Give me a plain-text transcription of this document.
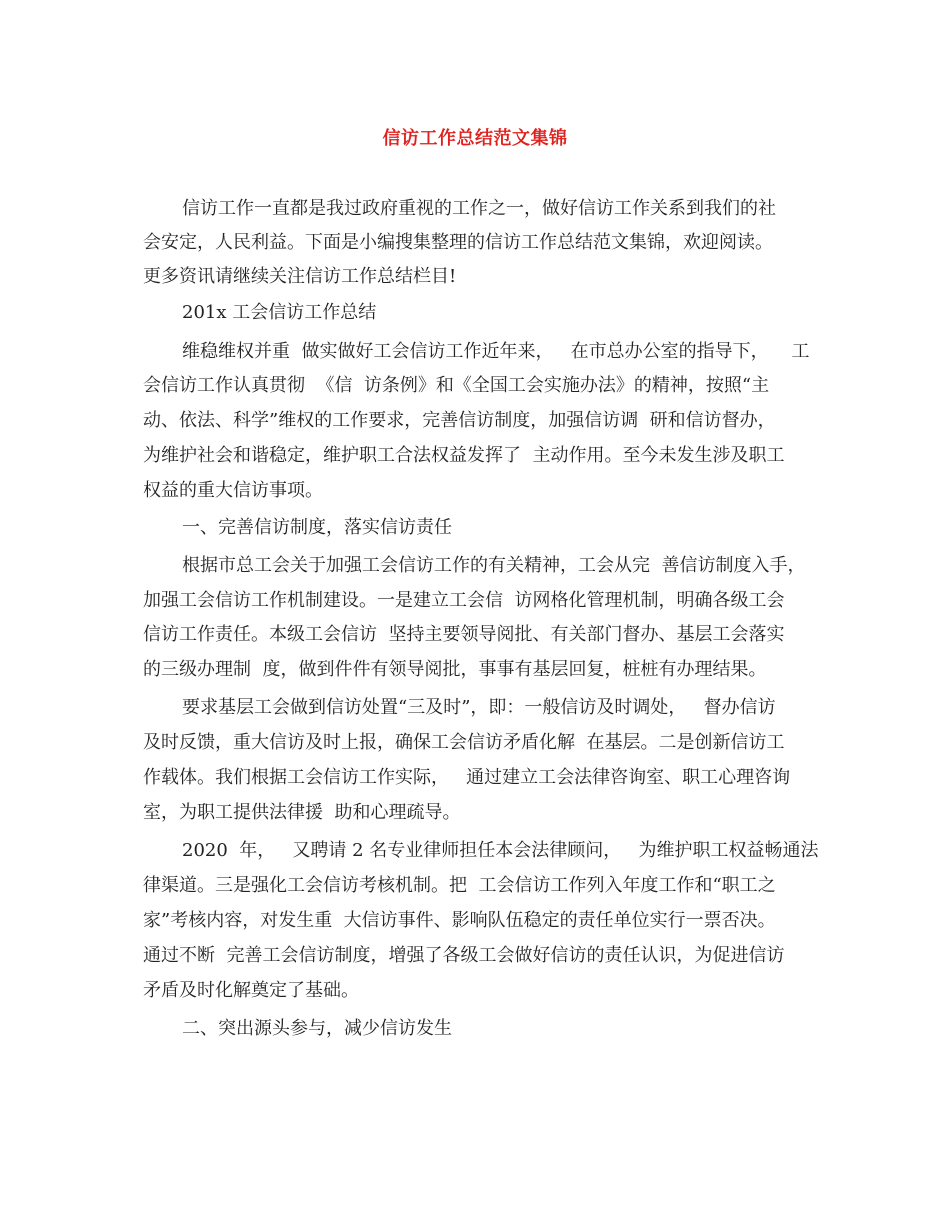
信访工作总结范文集锦
信访工作一直都是我过政府重视的工作之一，做好信访工作关系到我们的社
会安定，人民利益。下面是小编搜集整理的信访工作总结范文集锦，欢迎阅读。
更多资讯请继续关注信访工作总结栏目!
201x 工会信访工作总结
维稳维权并重  做实做好工会信访工作近年来，   在市总办公室的指导下，    工
会信访工作认真贯彻  《信  访条例》和《全国工会实施办法》的精神，按照“主
动、依法、科学”维权的工作要求，完善信访制度，加强信访调  研和信访督办，
为维护社会和谐稳定，维护职工合法权益发挥了  主动作用。至今未发生涉及职工
权益的重大信访事项。
一、完善信访制度，落实信访责任
根据市总工会关于加强工会信访工作的有关精神，工会从完  善信访制度入手，
加强工会信访工作机制建设。一是建立工会信  访网格化管理机制，明确各级工会
信访工作责任。本级工会信访  坚持主要领导阅批、有关部门督办、基层工会落实
的三级办理制  度，做到件件有领导阅批，事事有基层回复，桩桩有办理结果。
要求基层工会做到信访处置“三及时”，即：一般信访及时调处，   督办信访
及时反馈，重大信访及时上报，确保工会信访矛盾化解  在基层。二是创新信访工
作载体。我们根据工会信访工作实际，   通过建立工会法律咨询室、职工心理咨询
室，为职工提供法律援  助和心理疏导。
2020  年，   又聘请 2 名专业律师担任本会法律顾问，   为维护职工权益畅通法
律渠道。三是强化工会信访考核机制。把  工会信访工作列入年度工作和“职工之
家”考核内容，对发生重  大信访事件、影响队伍稳定的责任单位实行一票否决。
通过不断  完善工会信访制度，增强了各级工会做好信访的责任认识，为促进信访
矛盾及时化解奠定了基础。
二、突出源头参与，减少信访发生
